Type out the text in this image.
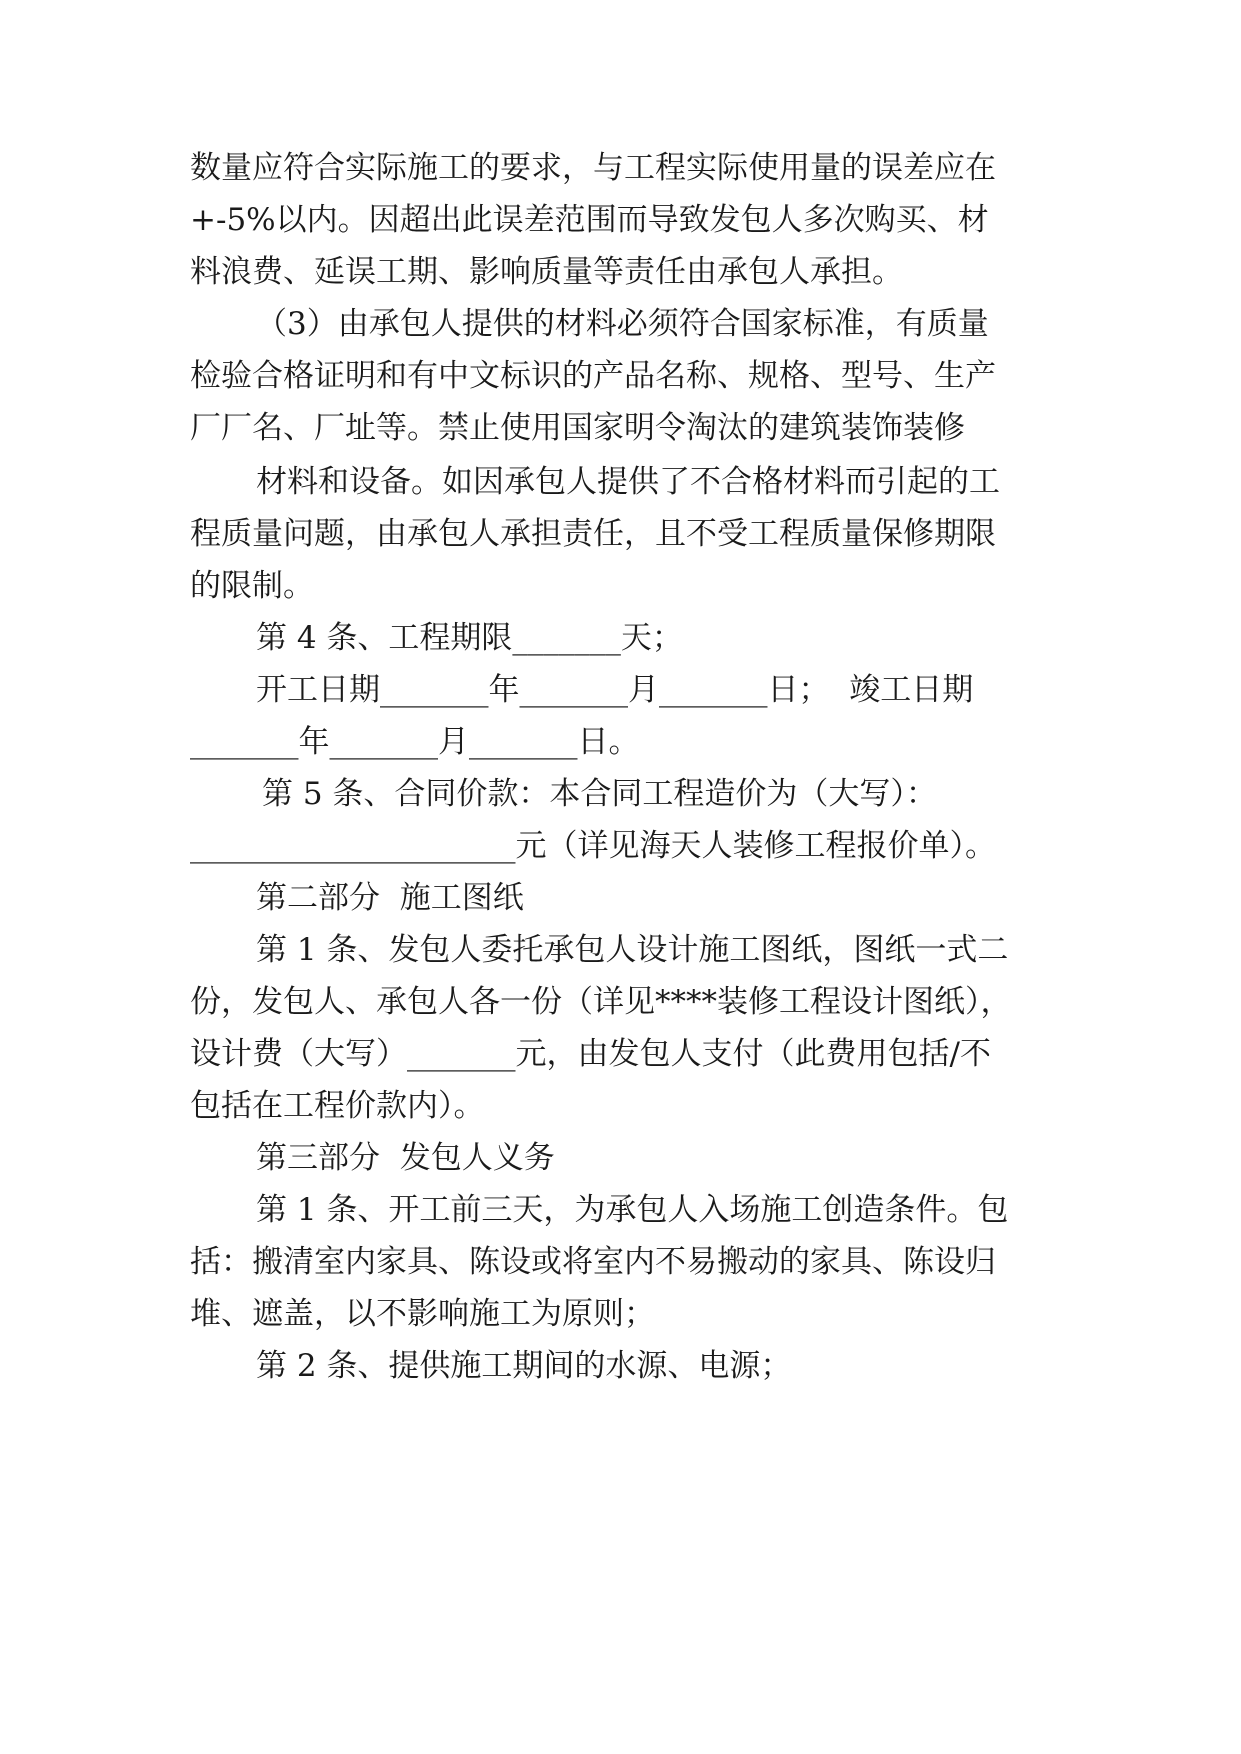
数量应符合实际施工的要求，与工程实际使用量的误差应在
+-5%以内。因超出此误差范围而导致发包人多次购买、材
料浪费、延误工期、影响质量等责任由承包人承担。
（3）由承包人提供的材料必须符合国家标准，有质量
检验合格证明和有中文标识的产品名称、规格、型号、生产
厂厂名、厂址等。禁止使用国家明令淘汰的建筑装饰装修
材料和设备。如因承包人提供了不合格材料而引起的工
程质量问题，由承包人承担责任，且不受工程质量保修期限
的限制。
第 4 条、工程期限_______天；
开工日期_______年_______月_______日；  竣工日期
_______年_______月_______日。
第 5 条、合同价款：本合同工程造价为（大写）：
_____________________元（详见海天人装修工程报价单）。
第二部分  施工图纸
第 1 条、发包人委托承包人设计施工图纸，图纸一式二
份，发包人、承包人各一份（详见****装修工程设计图纸），
设计费（大写）_______元，由发包人支付（此费用包括/不
包括在工程价款内）。
第三部分  发包人义务
第 1 条、开工前三天，为承包人入场施工创造条件。包
括：搬清室内家具、陈设或将室内不易搬动的家具、陈设归
堆、遮盖，以不影响施工为原则；
第 2 条、提供施工期间的水源、电源；
